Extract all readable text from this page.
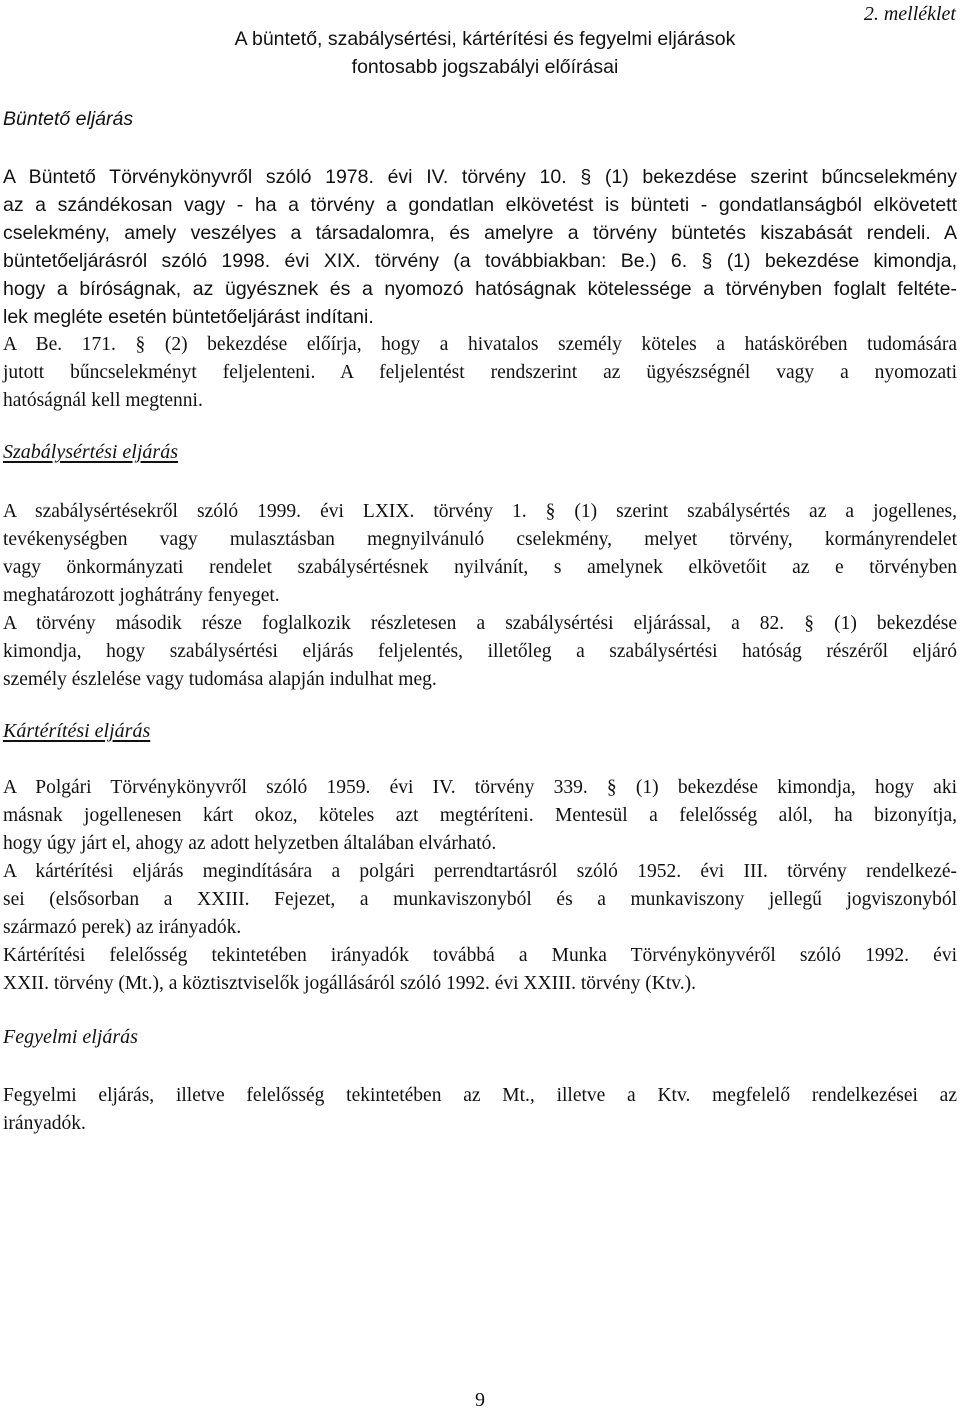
2. melléklet
A büntető, szabálysértési, kártérítési és fegyelmi eljárások
fontosabb jogszabályi előírásai
Büntető eljárás
A Büntető Törvénykönyvről szóló 1978. évi IV. törvény 10. § (1) bekezdése szerint bűncselekmény
az a szándékosan vagy - ha a törvény a gondatlan elkövetést is bünteti - gondatlanságból elkövetett
cselekmény, amely veszélyes a társadalomra, és amelyre a törvény büntetés kiszabását rendeli. A
büntetőeljárásról szóló 1998. évi XIX. törvény (a továbbiakban: Be.) 6. § (1) bekezdése kimondja,
hogy a bíróságnak, az ügyésznek és a nyomozó hatóságnak kötelessége a törvényben foglalt feltéte-
lek megléte esetén büntetőeljárást indítani.
A Be. 171. § (2) bekezdése előírja, hogy a hivatalos személy köteles a hatáskörében tudomására
jutott bűncselekményt feljelenteni. A feljelentést rendszerint az ügyészségnél vagy a nyomozati
hatóságnál kell megtenni.
Szabálysértési eljárás
A szabálysértésekről szóló 1999. évi LXIX. törvény 1. § (1) szerint szabálysértés az a jogellenes,
tevékenységben vagy mulasztásban megnyilvánuló cselekmény, melyet törvény, kormányrendelet
vagy önkormányzati rendelet szabálysértésnek nyilvánít, s amelynek elkövetőit az e törvényben
meghatározott joghátrány fenyeget.
A törvény második része foglalkozik részletesen a szabálysértési eljárással, a 82. § (1) bekezdése
kimondja, hogy szabálysértési eljárás feljelentés, illetőleg a szabálysértési hatóság részéről eljáró
személy észlelése vagy tudomása alapján indulhat meg.
Kártérítési eljárás
A Polgári Törvénykönyvről szóló 1959. évi IV. törvény 339. § (1) bekezdése kimondja, hogy aki
másnak jogellenesen kárt okoz, köteles azt megtéríteni. Mentesül a felelősség alól, ha bizonyítja,
hogy úgy járt el, ahogy az adott helyzetben általában elvárható.
A kártérítési eljárás megindítására a polgári perrendtartásról szóló 1952. évi III. törvény rendelkezé-
sei (elsősorban a XXIII. Fejezet, a munkaviszonyból és a munkaviszony jellegű jogviszonyból
származó perek) az irányadók.
Kártérítési felelősség tekintetében irányadók továbbá a Munka Törvénykönyvéről szóló 1992. évi
XXII. törvény (Mt.), a köztisztviselők jogállásáról szóló 1992. évi XXIII. törvény (Ktv.).
Fegyelmi eljárás
Fegyelmi eljárás, illetve felelősség tekintetében az Mt., illetve a Ktv. megfelelő rendelkezései az
irányadók.
9
